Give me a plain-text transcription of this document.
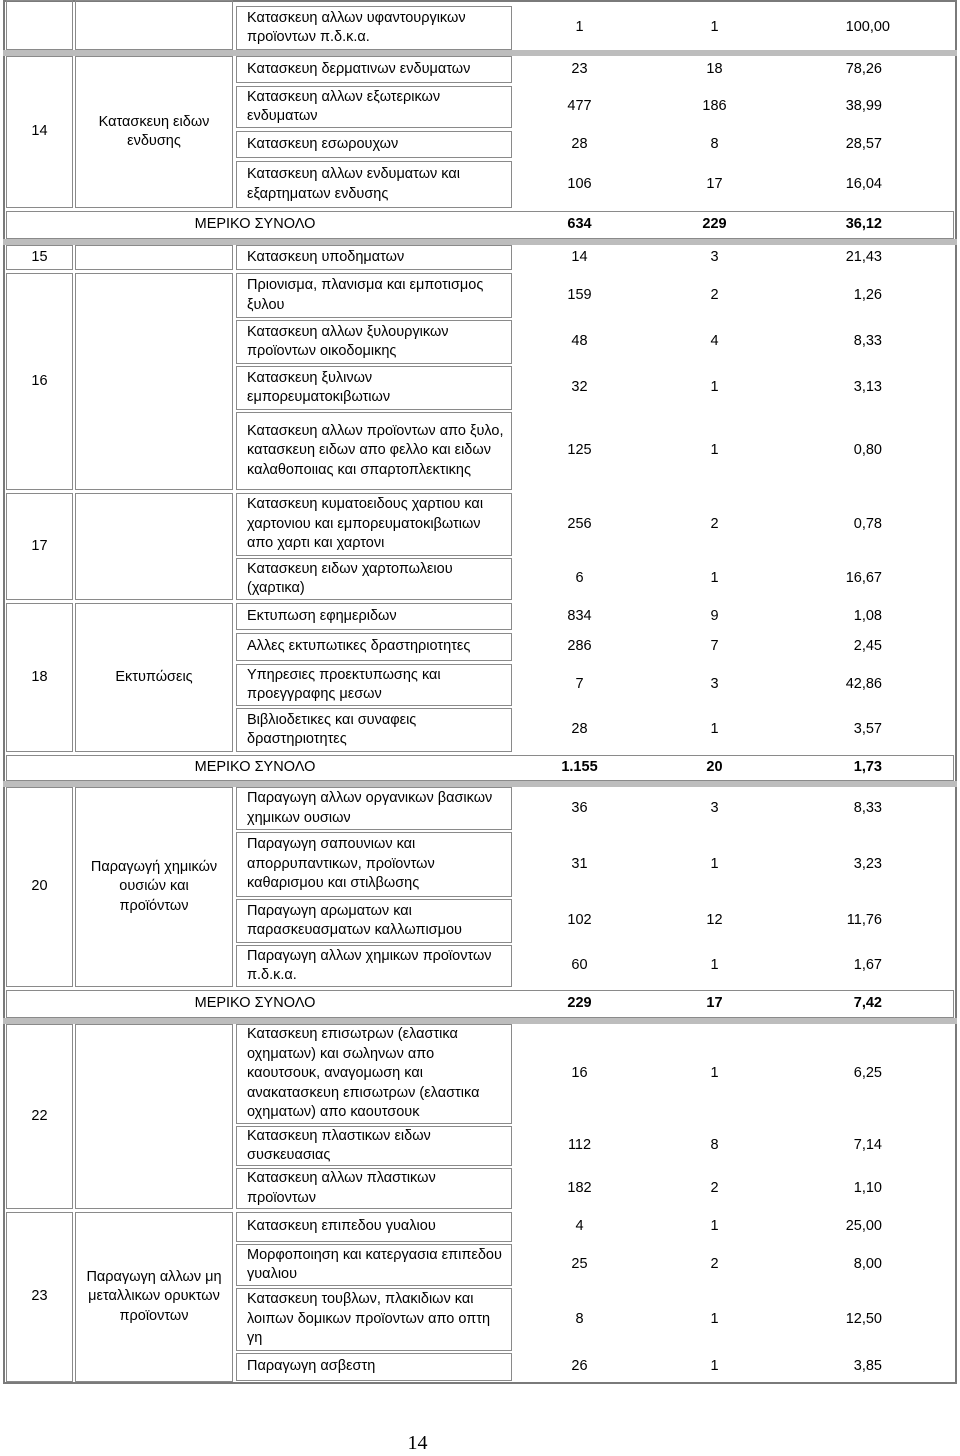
Κατασκευη αλλων υφαντουργικων προϊοντων π.δ.κ.α.
1	1	100,00
14
Κατασκευη ειδων ενδυσης
Κατασκευη δερματινων ενδυματων	23	18	78,26
Κατασκευη αλλων εξωτερικων ενδυματων
477	186	38,99
Κατασκευη εσωρουχων	28	8	28,57
Κατασκευη αλλων ενδυματων και εξαρτηματων ενδυσης
106	17	16,04
ΜΕΡΙΚΟ ΣΥΝΟΛΟ	634	229	36,12
15	Κατασκευη υποδηματων	14	3	21,43
16
Πριονισμα, πλανισμα και εμποτισμος ξυλου
159	2	1,26
Κατασκευη αλλων ξυλουργικων προϊοντων οικοδομικης
48	4	8,33
Κατασκευη ξυλινων εμπορευματοκιβωτιων
32	1	3,13
Κατασκευη αλλων προϊοντων απο ξυλο, κατασκευη ειδων απο φελλο και ειδων καλαθοποιιας και σπαρτοπλεκτικης
125	1	0,80
17
Κατασκευη κυματοειδους χαρτιου και χαρτονιου και εμπορευματοκιβωτιων απο χαρτι και χαρτονι
256	2	0,78
Κατασκευη ειδων χαρτοπωλειου (χαρτικα)
6	1	16,67
18	Εκτυπώσεις
Εκτυπωση εφημεριδων	834	9	1,08
Αλλες εκτυπωτικες δραστηριοτητες	286	7	2,45
Υπηρεσιες προεκτυπωσης και προεγγραφης μεσων
7	3	42,86
Βιβλιοδετικες και συναφεις δραστηριοτητες
28	1	3,57
ΜΕΡΙΚΟ ΣΥΝΟΛΟ	1.155	20	1,73
20
Παραγωγή χημικών ουσιών και προϊόντων
Παραγωγη αλλων οργανικων βασικων χημικων ουσιων
36	3	8,33
Παραγωγη σαπουνιων και απορρυπαντικων, προϊοντων καθαρισμου και στιλβωσης
31	1	3,23
Παραγωγη αρωματων και παρασκευασματων καλλωπισμου
102	12	11,76
Παραγωγη αλλων χημικων προϊοντων π.δ.κ.α.
60	1	1,67
ΜΕΡΙΚΟ ΣΥΝΟΛΟ	229	17	7,42
22
Κατασκευη επισωτρων (ελαστικα οχηματων) και σωληνων απο καουτσουκ, αναγομωση και ανακατασκευη επισωτρων (ελαστικα οχηματων) απο καουτσουκ
16	1	6,25
Κατασκευη πλαστικων ειδων συσκευασιας
112	8	7,14
Κατασκευη αλλων πλαστικων προϊοντων
182	2	1,10
23
Παραγωγη αλλων μη μεταλλικων ορυκτων προϊοντων
Κατασκευη επιπεδου γυαλιου	4	1	25,00
Μορφοποιηση και κατεργασια επιπεδου γυαλιου
25	2	8,00
Κατασκευη τουβλων, πλακιδιων και λοιπων δομικων προϊοντων απο οπτη γη
8	1	12,50
Παραγωγη ασβεστη	26	1	3,85
14
